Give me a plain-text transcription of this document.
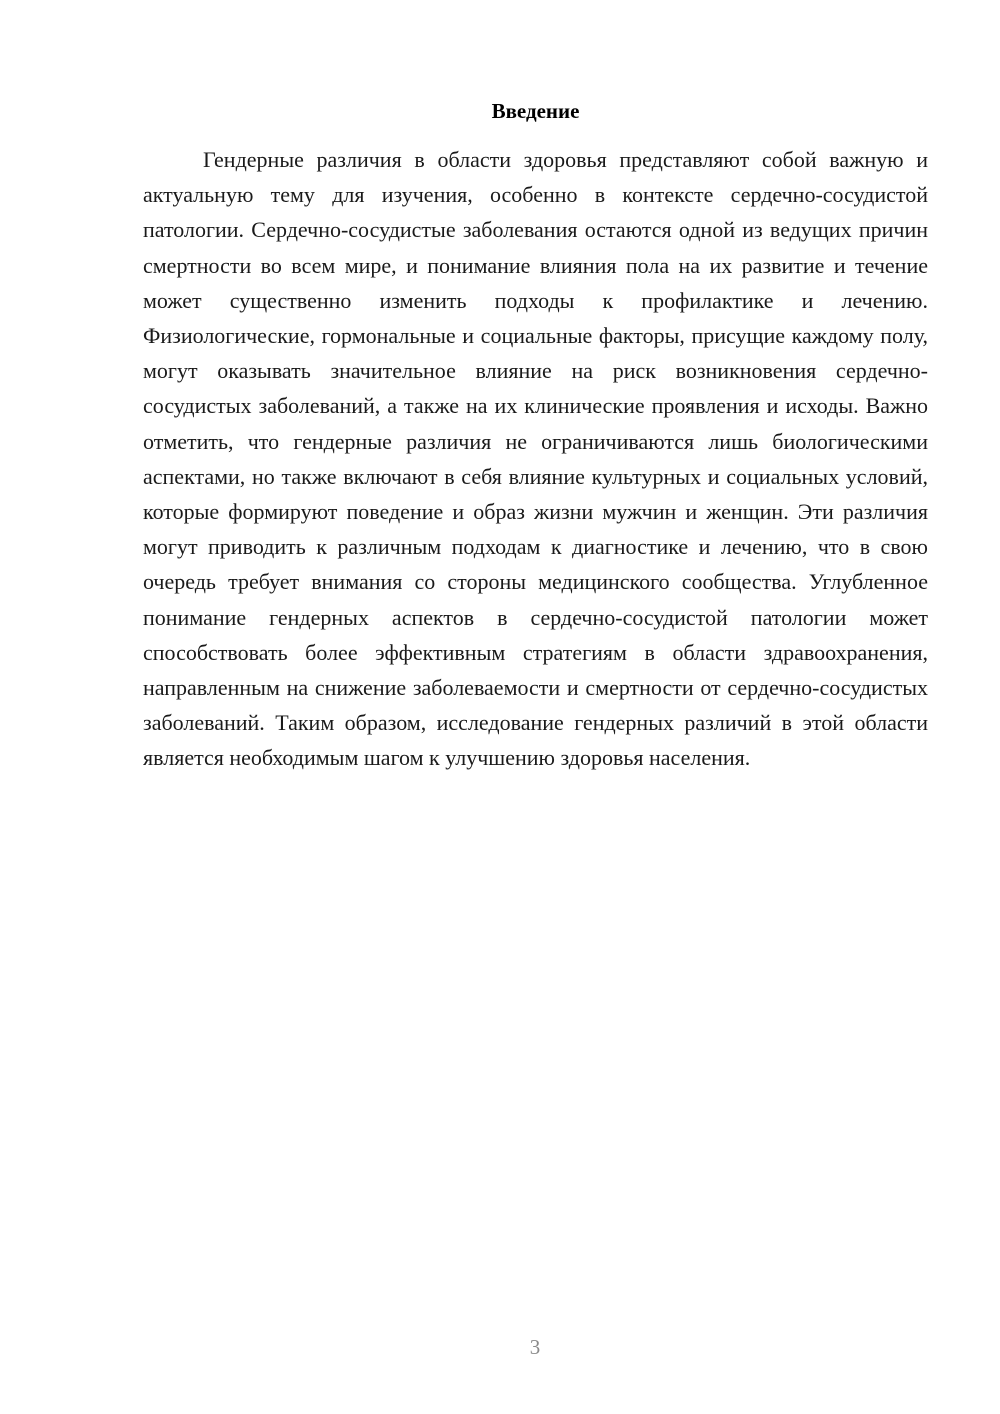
Введение

Гендерные различия в области здоровья представляют собой важную и актуальную тему для изучения, особенно в контексте сердечно-сосудистой патологии. Сердечно-сосудистые заболевания остаются одной из ведущих причин смертности во всем мире, и понимание влияния пола на их развитие и течение может существенно изменить подходы к профилактике и лечению. Физиологические, гормональные и социальные факторы, присущие каждому полу, могут оказывать значительное влияние на риск возникновения сердечно-сосудистых заболеваний, а также на их клинические проявления и исходы. Важно отметить, что гендерные различия не ограничиваются лишь биологическими аспектами, но также включают в себя влияние культурных и социальных условий, которые формируют поведение и образ жизни мужчин и женщин. Эти различия могут приводить к различным подходам к диагностике и лечению, что в свою очередь требует внимания со стороны медицинского сообщества. Углубленное понимание гендерных аспектов в сердечно-сосудистой патологии может способствовать более эффективным стратегиям в области здравоохранения, направленным на снижение заболеваемости и смертности от сердечно-сосудистых заболеваний. Таким образом, исследование гендерных различий в этой области является необходимым шагом к улучшению здоровья населения.

3
